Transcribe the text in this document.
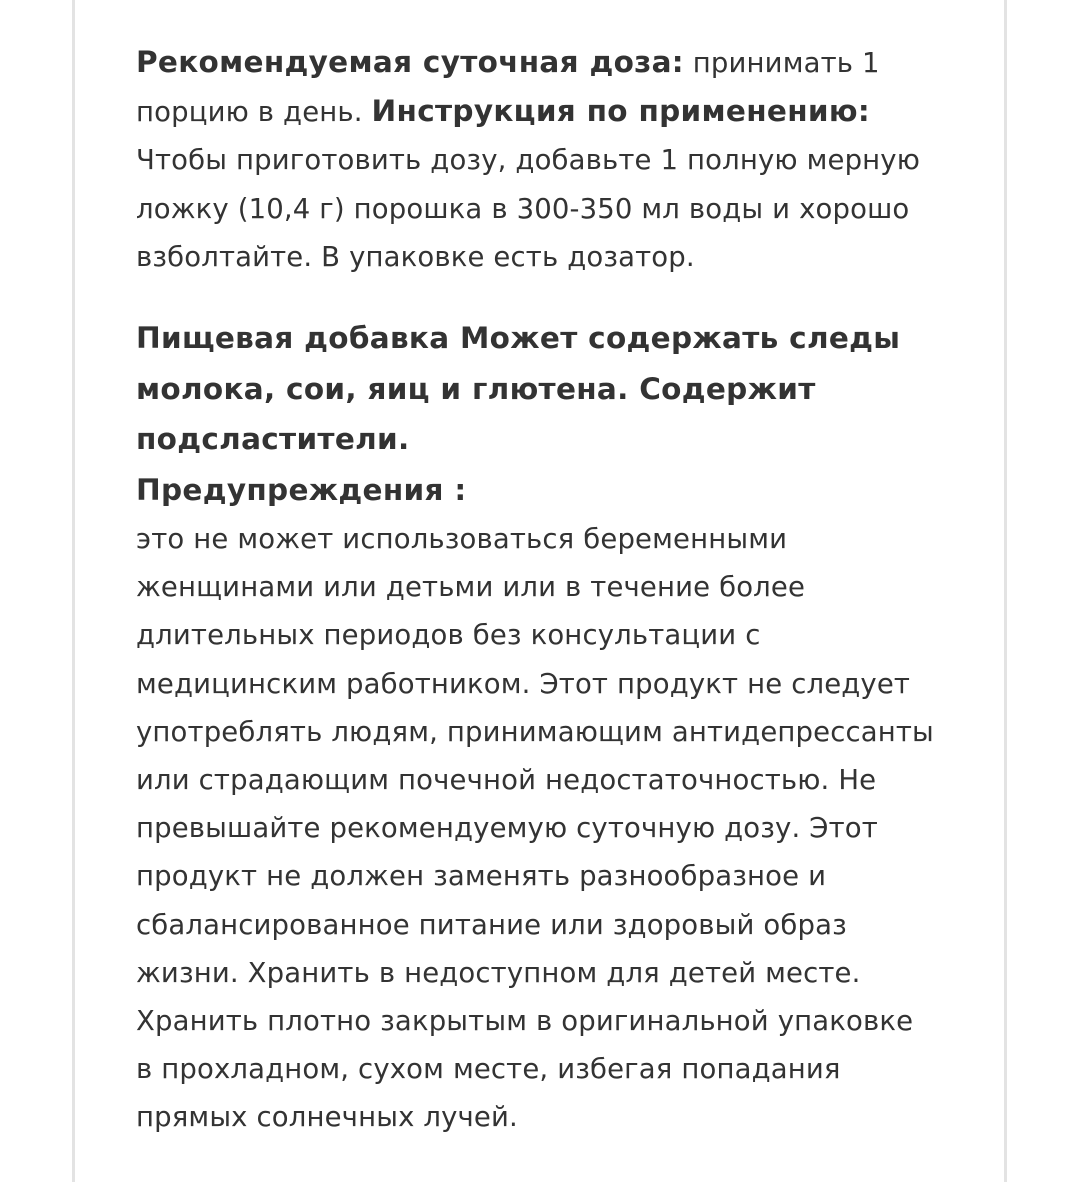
Рекомендуемая суточная доза: принимать 1 порцию в день. Инструкция по применению: Чтобы приготовить дозу, добавьте 1 полную мерную ложку (10,4 г) порошка в 300-350 мл воды и хорошо взболтайте. В упаковке есть дозатор.

Пищевая добавка Может содержать следы молока, сои, яиц и глютена. Содержит подсластители.

Предупреждения :

это не может использоваться беременными женщинами или детьми или в течение более длительных периодов без консультации с медицинским работником. Этот продукт не следует употреблять людям, принимающим антидепрессанты или страдающим почечной недостаточностью. Не превышайте рекомендуемую суточную дозу. Этот продукт не должен заменять разнообразное и сбалансированное питание или здоровый образ жизни. Хранить в недоступном для детей месте. Хранить плотно закрытым в оригинальной упаковке в прохладном, сухом месте, избегая попадания прямых солнечных лучей.
